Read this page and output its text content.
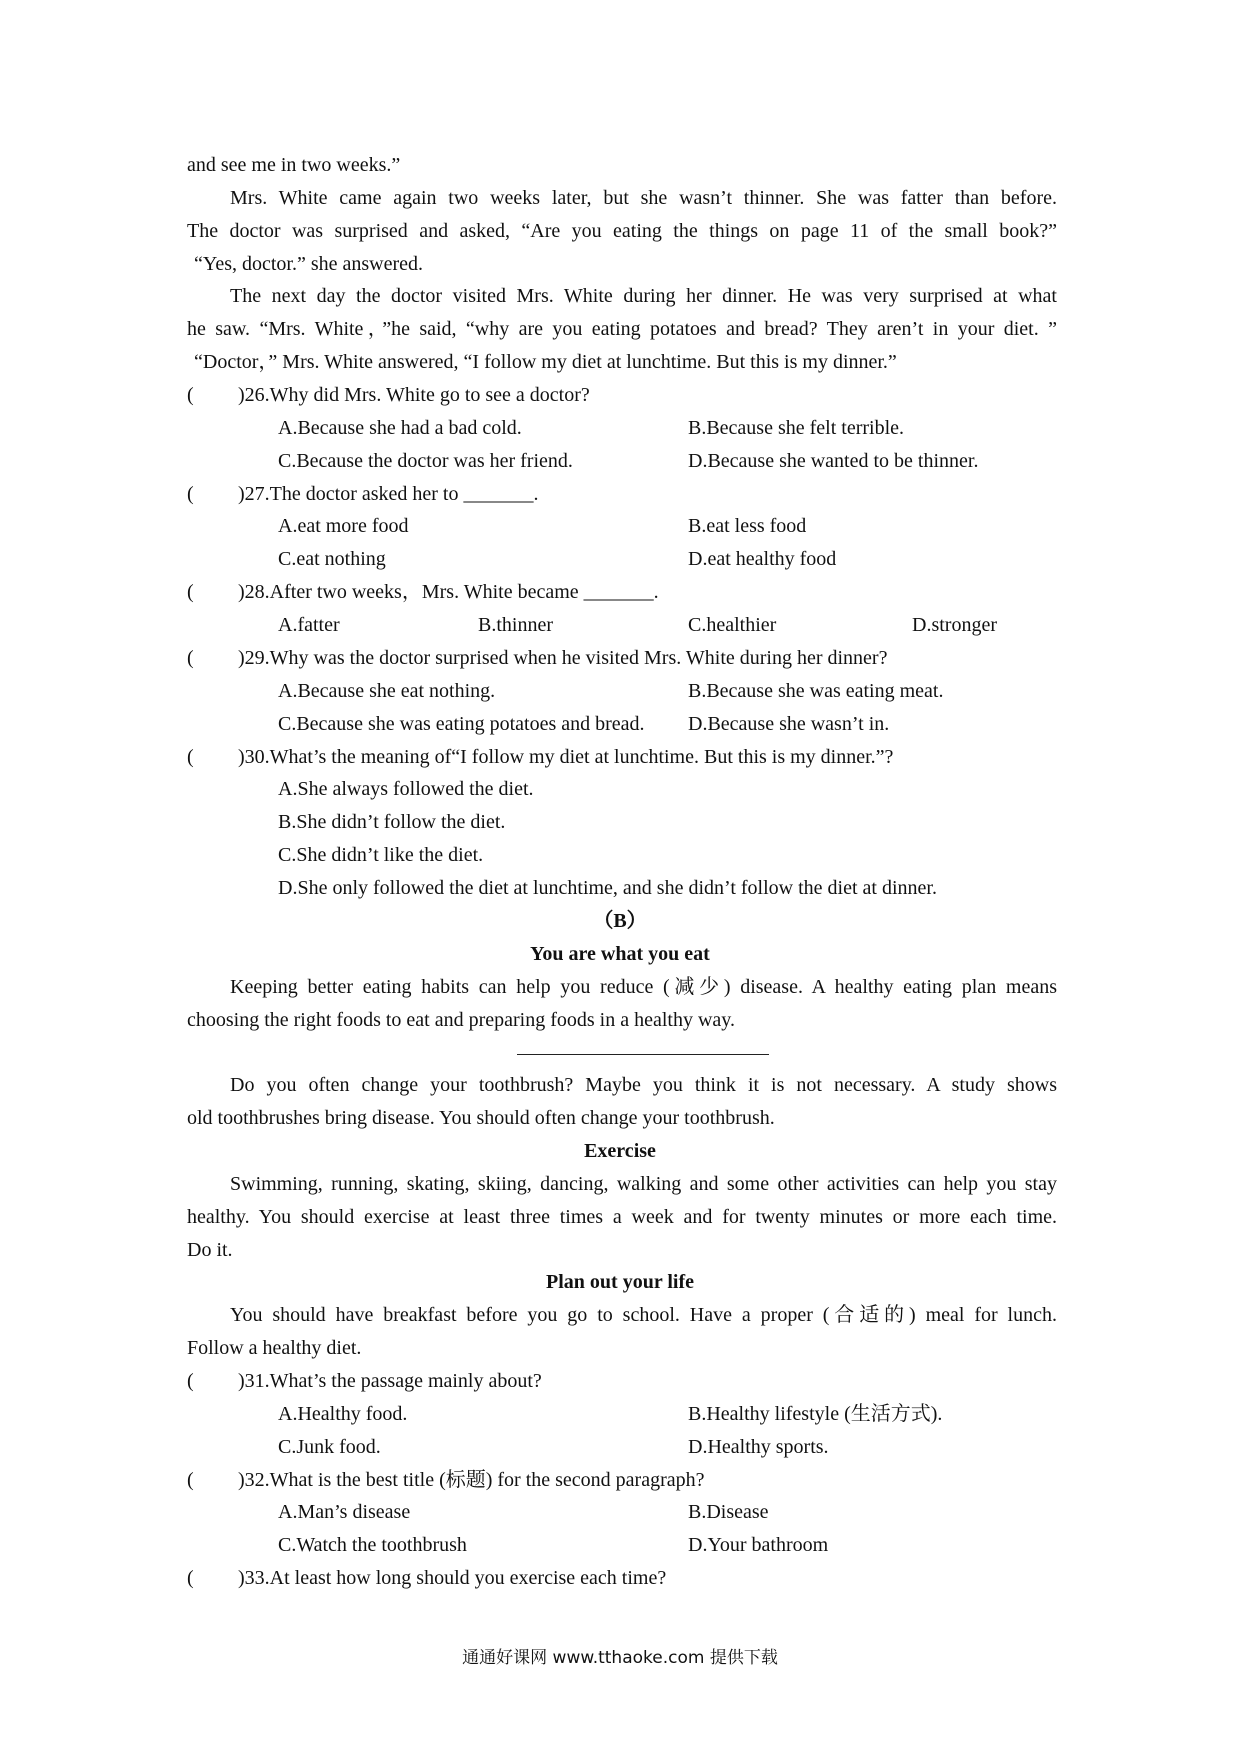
and see me in two weeks.”
Mrs. White came again two weeks later, but she wasn’t thinner. She was fatter than before.
The doctor was surprised and asked, “Are you eating the things on page 11 of the small book?”
“Yes, doctor.” she answered.
The next day the doctor visited Mrs. White during her dinner. He was very surprised at what
he saw. “Mrs. White，”he said, “why are you eating potatoes and bread? They aren’t in your diet. ”
“Doctor，” Mrs. White answered, “I follow my diet at lunchtime. But this is my dinner.”
( )26.Why did Mrs. White go to see a doctor?
A.Because she had a bad cold.	B.Because she felt terrible.
C.Because the doctor was her friend.	D.Because she wanted to be thinner.
( )27.The doctor asked her to _______.
A.eat more food	B.eat less food
C.eat nothing	D.eat healthy food
( )28.After two weeks，Mrs. White became _______.
A.fatter	B.thinner	C.healthier	D.stronger
( )29.Why was the doctor surprised when he visited Mrs. White during her dinner?
A.Because she eat nothing.	B.Because she was eating meat.
C.Because she was eating potatoes and bread. D.Because she wasn’t in.
( )30.What’s the meaning of“I follow my diet at lunchtime. But this is my dinner.”?
A.She always followed the diet.
B.She didn’t follow the diet.
C.She didn’t like the diet.
D.She only followed the diet at lunchtime, and she didn’t follow the diet at dinner.
（B）
You are what you eat
Keeping better eating habits can help you reduce (减少) disease. A healthy eating plan means
choosing the right foods to eat and preparing foods in a healthy way.
Do you often change your toothbrush? Maybe you think it is not necessary. A study shows
old toothbrushes bring disease. You should often change your toothbrush.
Exercise
Swimming, running, skating, skiing, dancing, walking and some other activities can help you stay
healthy. You should exercise at least three times a week and for twenty minutes or more each time.
Do it.
Plan out your life
You should have breakfast before you go to school. Have a proper (合适的) meal for lunch.
Follow a healthy diet.
( )31.What’s the passage mainly about?
A.Healthy food.	B.Healthy lifestyle (生活方式).
C.Junk food.	D.Healthy sports.
( )32.What is the best title (标题) for the second paragraph?
A.Man’s disease	B.Disease
C.Watch the toothbrush	D.Your bathroom
( )33.At least how long should you exercise each time?
通通好课网 www.tthaoke.com 提供下载
